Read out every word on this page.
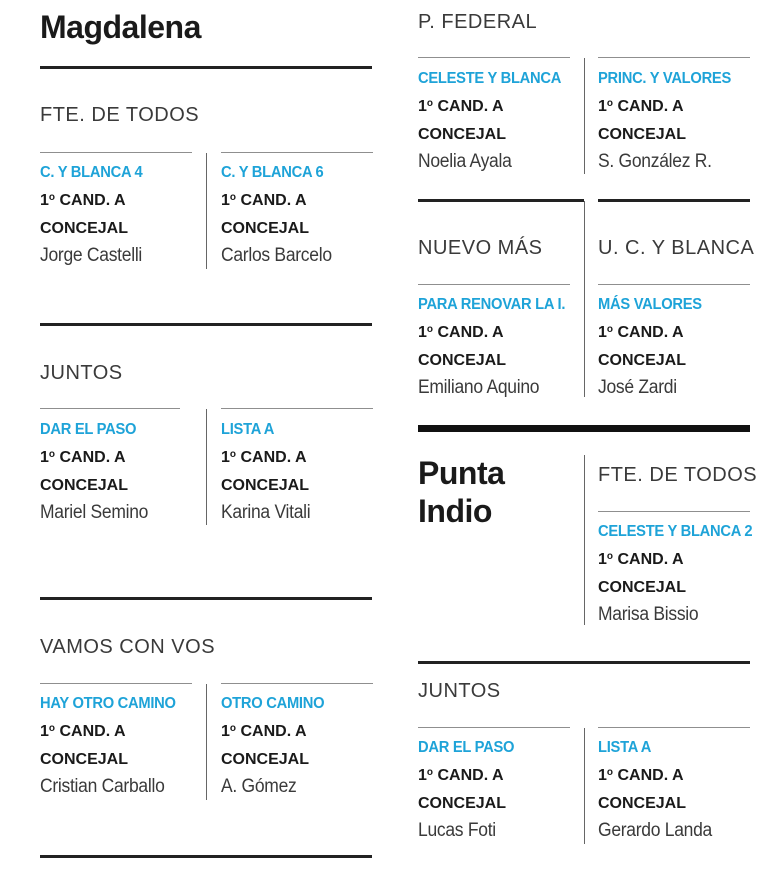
Magdalena
FTE. DE TODOS
C. Y BLANCA 4
1$^o$ CAND. A
CONCEJAL
Jorge Castelli
C. Y BLANCA 6
1$^o$ CAND. A
CONCEJAL
Carlos Barcelo
JUNTOS
DAR EL PASO
1$^o$ CAND. A
CONCEJAL
Mariel Semino
LISTA A
1$^o$ CAND. A
CONCEJAL
Karina Vitali
VAMOS CON VOS
HAY OTRO CAMINO
1$^o$ CAND. A
CONCEJAL
Cristian Carballo
OTRO CAMINO
1$^o$ CAND. A
CONCEJAL
A. Gómez
P. FEDERAL
CELESTE Y BLANCA
1$^o$ CAND. A
CONCEJAL
Noelia Ayala
PRINC. Y VALORES
1$^o$ CAND. A
CONCEJAL
S. González R.
NUEVO MÁS	U. C. Y BLANCA
PARA RENOVAR LA I.
1$^o$ CAND. A
CONCEJAL
Emiliano Aquino
MÁS VALORES
1$^o$ CAND. A
CONCEJAL
José Zardi
Punta
Indio
FTE. DE TODOS
CELESTE Y BLANCA 2
1$^o$ CAND. A
CONCEJAL
Marisa Bissio
JUNTOS
DAR EL PASO
1$^o$ CAND. A
CONCEJAL
Lucas Foti
LISTA A
1$^o$ CAND. A
CONCEJAL
Gerardo Landa
